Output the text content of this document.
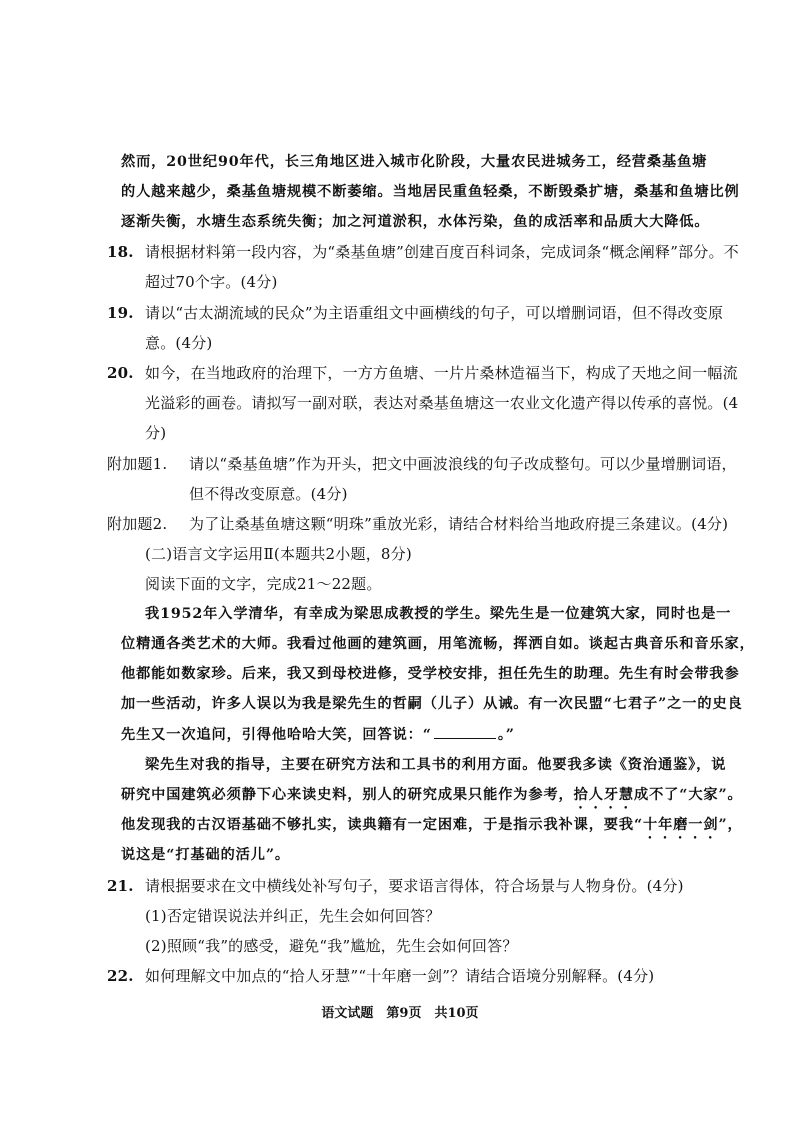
然而，20世纪90年代，长三角地区进入城市化阶段，大量农民进城务工，经营桑基鱼塘
的人越来越少，桑基鱼塘规模不断萎缩。当地居民重鱼轻桑，不断毁桑扩塘，桑基和鱼塘比例
逐渐失衡，水塘生态系统失衡；加之河道淤积，水体污染，鱼的成活率和品质大大降低。
18. 请根据材料第一段内容，为“桑基鱼塘”创建百度百科词条，完成词条“概念阐释”部分。不
超过70个字。(4分)
19. 请以“古太湖流域的民众”为主语重组文中画横线的句子，可以增删词语，但不得改变原
意。(4分)
20. 如今，在当地政府的治理下，一方方鱼塘、一片片桑林造福当下，构成了天地之间一幅流
光溢彩的画卷。请拟写一副对联，表达对桑基鱼塘这一农业文化遗产得以传承的喜悦。(4
分)
附加题1. 请以“桑基鱼塘”作为开头，把文中画波浪线的句子改成整句。可以少量增删词语，
但不得改变原意。(4分)
附加题2. 为了让桑基鱼塘这颗“明珠”重放光彩，请结合材料给当地政府提三条建议。(4分)
(二)语言文字运用Ⅱ(本题共2小题，8分)
阅读下面的文字，完成21～22题。
我1952年入学清华，有幸成为梁思成教授的学生。梁先生是一位建筑大家，同时也是一
位精通各类艺术的大师。我看过他画的建筑画，用笔流畅，挥洒自如。谈起古典音乐和音乐家，
他都能如数家珍。后来，我又到母校进修，受学校安排，担任先生的助理。先生有时会带我参
加一些活动，许多人误以为我是梁先生的哲嗣（儿子）从诫。有一次民盟“七君子”之一的史良
先生又一次追问，引得他哈哈大笑，回答说：“	。”
梁先生对我的指导，主要在研究方法和工具书的利用方面。他要我多读《资治通鉴》，说
研究中国建筑必须静下心来读史料，别人的研究成果只能作为参考，拾人牙慧成不了“大家”。
他发现我的古汉语基础不够扎实，读典籍有一定困难，于是指示我补课，要我“十年磨一剑”，
说这是“打基础的活儿”。
21. 请根据要求在文中横线处补写句子，要求语言得体，符合场景与人物身份。(4分)
(1)否定错误说法并纠正，先生会如何回答？
(2)照顾“我”的感受，避免“我”尴尬，先生会如何回答？
22. 如何理解文中加点的“拾人牙慧”“十年磨一剑”？请结合语境分别解释。(4分)
语文试题　第9页　共10页
